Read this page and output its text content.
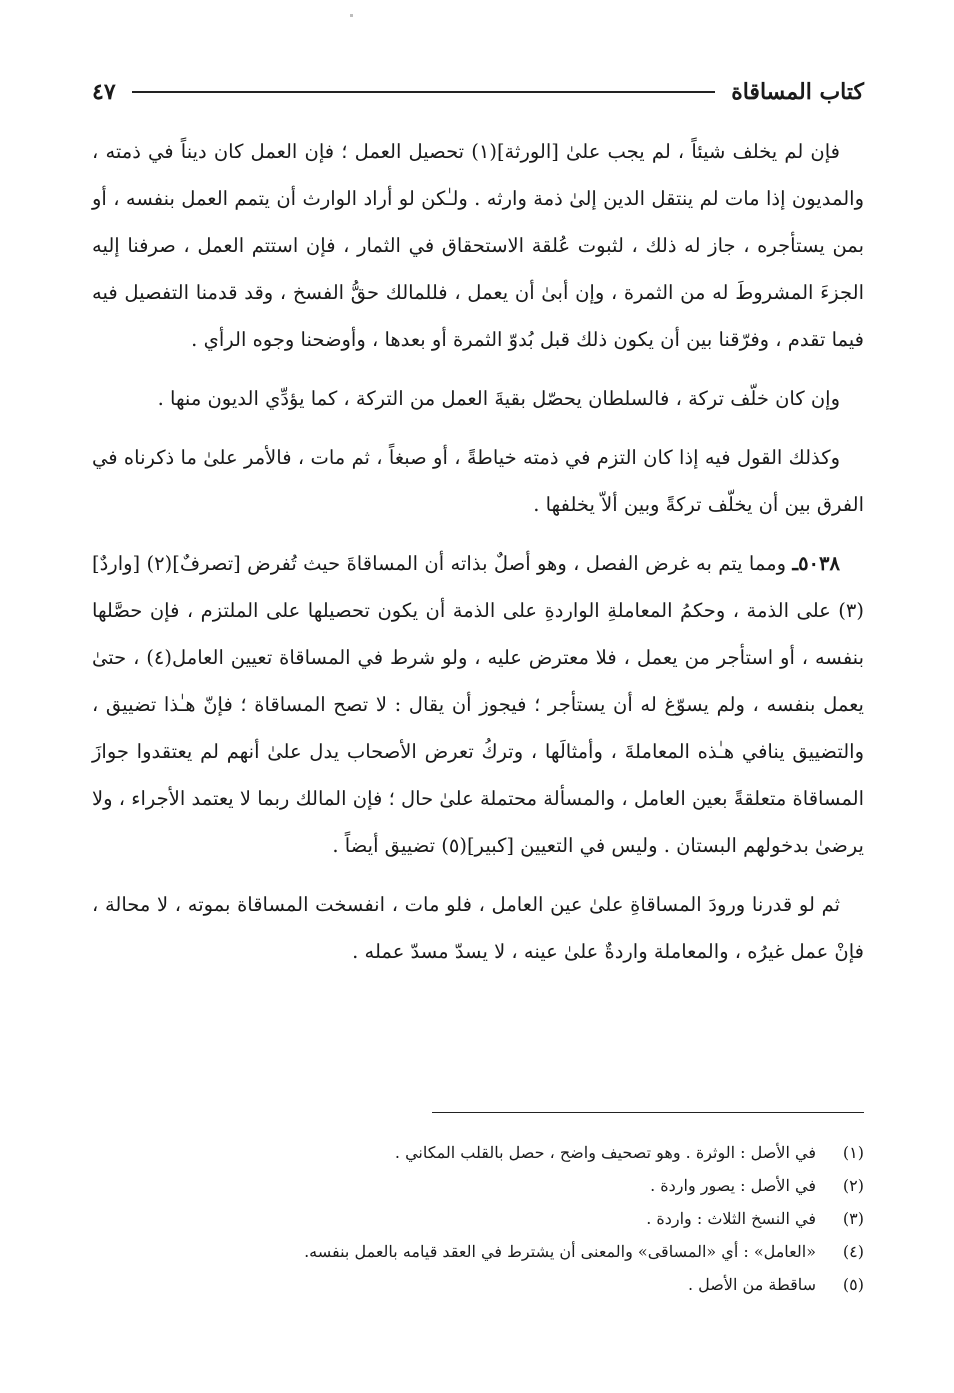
كتاب المساقاة
٤٧

فإن لم يخلف شيئاً ، لم يجب علىٰ [الورثة](١) تحصيل العمل ؛ فإن العمل كان ديناً في ذمته ، والمديون إذا مات لم ينتقل الدين إلىٰ ذمة وارثه . ولـٰكن لو أراد الوارث أن يتمم العمل بنفسه ، أو بمن يستأجره ، جاز له ذلك ، لثبوت عُلقة الاستحقاق في الثمار ، فإن استتم العمل ، صرفنا إليه الجزءَ المشروطَ له من الثمرة ، وإن أبىٰ أن يعمل ، فللمالك حقُّ الفسخ ، وقد قدمنا التفصيل فيه فيما تقدم ، وفرّقنا بين أن يكون ذلك قبل بُدوّ الثمرة أو بعدها ، وأوضحنا وجوه الرأي .

وإن كان خلّف تركة ، فالسلطان يحصّل بقيةَ العمل من التركة ، كما يؤدِّي الديون منها .

وكذلك القول فيه إذا كان التزم في ذمته خياطةً ، أو صبغاً ، ثم مات ، فالأمر علىٰ ما ذكرناه في الفرق بين أن يخلّف تركةً وبين ألاّ يخلفها .

٥٠٣٨ـ ومما يتم به غرض الفصل ، وهو أصلٌ بذاته أن المساقاةَ حيث تُفرض [تصرفٌ](٢) [واردٌ](٣) على الذمة ، وحكمُ المعاملةِ الواردةِ على الذمة أن يكون تحصيلها على الملتزم ، فإن حصَّلها بنفسه ، أو استأجر من يعمل ، فلا معترض عليه ، ولو شرط في المساقاة تعيين العامل(٤) ، حتىٰ يعمل بنفسه ، ولم يسوّغ له أن يستأجر ؛ فيجوز أن يقال : لا تصح المساقاة ؛ فإنّ هـٰذا تضييق ، والتضييق ينافي هـٰذه المعاملةَ ، وأمثالَها ، وتركُ تعرض الأصحاب يدل علىٰ أنهم لم يعتقدوا جوازَ المساقاة متعلقةً بعين العامل ، والمسألة محتملة علىٰ حال ؛ فإن المالك ربما لا يعتمد الأجراء ، ولا يرضىٰ بدخولهم البستان . وليس في التعيين [كبير](٥) تضييق أيضاً .

ثم لو قدرنا ورودَ المساقاةِ علىٰ عين العامل ، فلو مات ، انفسخت المساقاة بموته ، لا محالة ، فإنْ عمل غيرُه ، والمعاملة واردةٌ علىٰ عينه ، لا يسدّ مسدّ عمله .

(١)
في الأصل : الوثرة . وهو تصحيف واضح ، حصل بالقلب المكاني .
(٢)
في الأصل : يصور واردة .
(٣)
في النسخ الثلاث : واردة .
(٤)
«العامل» : أي «المساقى» والمعنى أن يشترط في العقد قيامه بالعمل بنفسه.
(٥)
ساقطة من الأصل .
